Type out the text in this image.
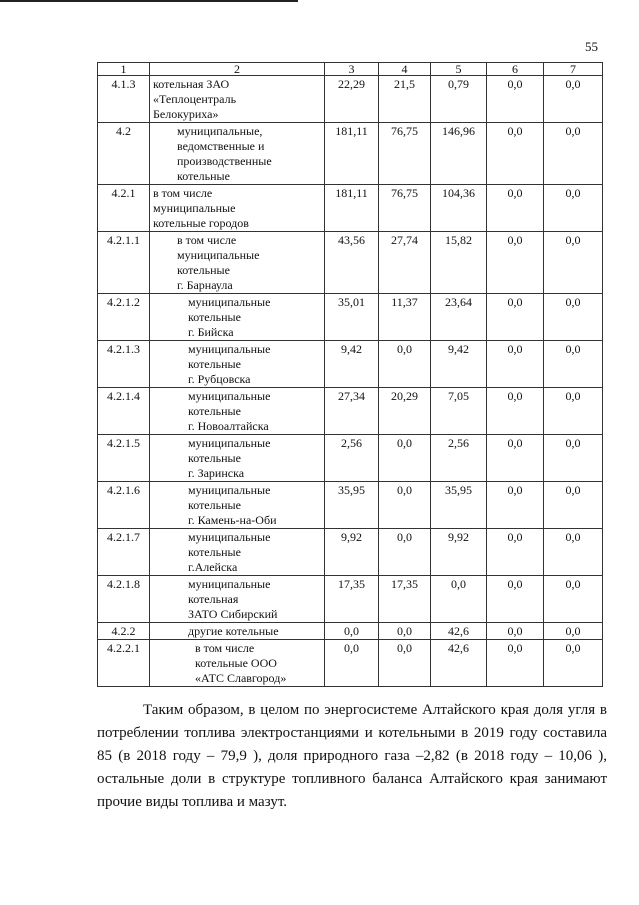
55
1	2	3	4	5	6	7
4.1.3	котельная ЗАО
«Теплоцентраль
Белокуриха»	22,29	21,5	0,79	0,0	0,0
4.2	муниципальные,
ведомственные и
производственные
котельные	181,11	76,75	146,96	0,0	0,0
4.2.1	в том числе
муниципальные
котельные городов	181,11	76,75	104,36	0,0	0,0
4.2.1.1	в том числе
муниципальные
котельные
г. Барнаула	43,56	27,74	15,82	0,0	0,0
4.2.1.2	муниципальные
котельные
г. Бийска	35,01	11,37	23,64	0,0	0,0
4.2.1.3	муниципальные
котельные
г. Рубцовска	9,42	0,0	9,42	0,0	0,0
4.2.1.4	муниципальные
котельные
г. Новоалтайска	27,34	20,29	7,05	0,0	0,0
4.2.1.5	муниципальные
котельные
г. Заринска	2,56	0,0	2,56	0,0	0,0
4.2.1.6	муниципальные
котельные
г. Камень-на-Оби	35,95	0,0	35,95	0,0	0,0
4.2.1.7	муниципальные
котельные
г.Алейска	9,92	0,0	9,92	0,0	0,0
4.2.1.8	муниципальные
котельная
ЗАТО Сибирский	17,35	17,35	0,0	0,0	0,0
4.2.2	другие котельные	0,0	0,0	42,6	0,0	0,0
4.2.2.1	в том числе
котельные ООО
«АТС Славгород»	0,0	0,0	42,6	0,0	0,0

Таким образом, в целом по энергосистеме Алтайского края доля угля в потреблении топлива электростанциями и котельными в 2019 году составила 85 (в 2018 году – 79,9 ), доля природного газа –2,82 (в 2018 году – 10,06 ), остальные доли в структуре топливного баланса Алтайского края занимают прочие виды топлива и мазут.
